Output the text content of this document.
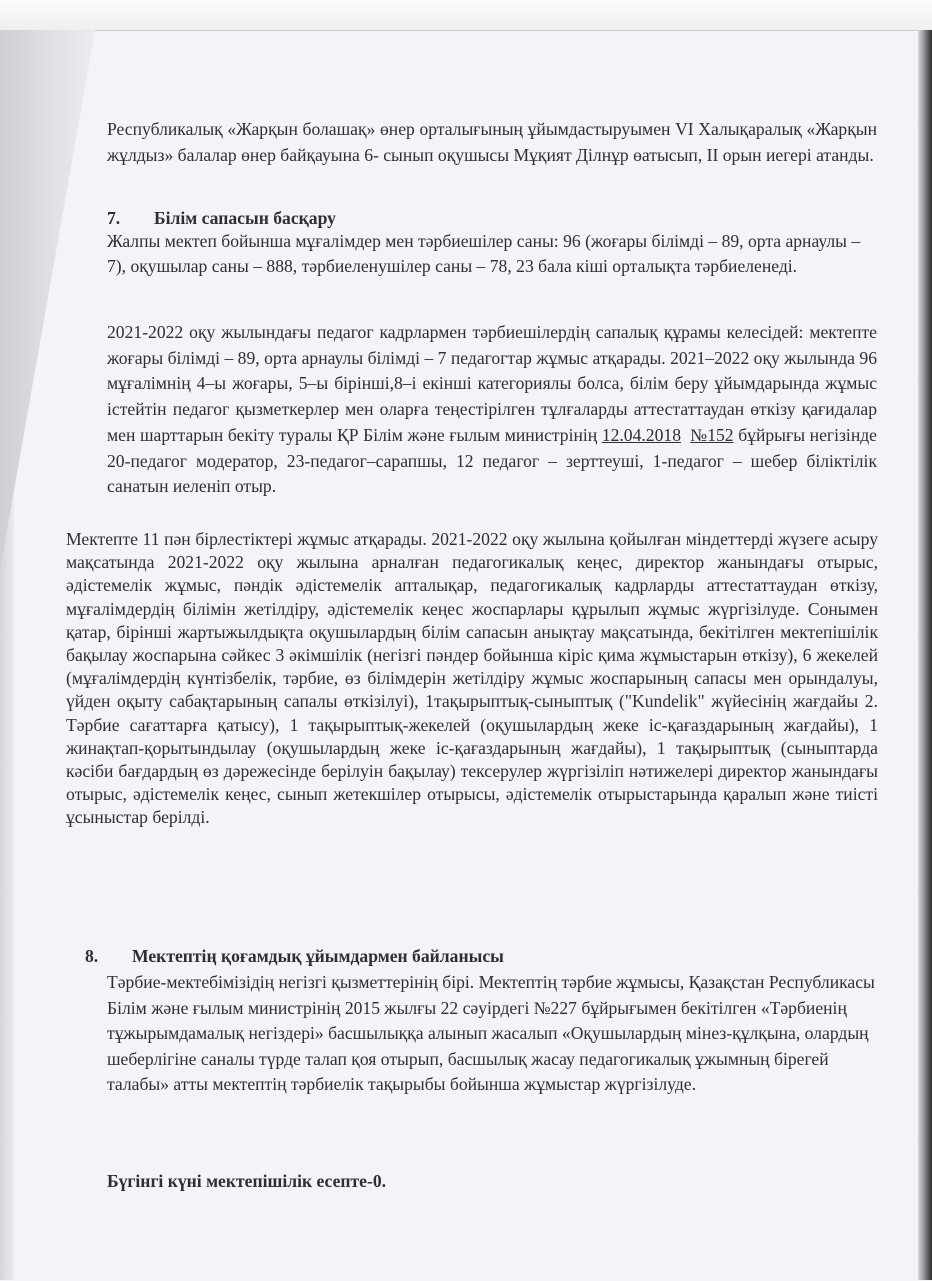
Республикалық «Жарқын болашақ» өнер орталығының ұйымдастыруымен VI Халықаралық «Жарқын жұлдыз» балалар өнер байқауына 6- сынып оқушысы Мұқият Ділнұр өатысып, ІІ орын иегері атанды.

7. Білім сапасын басқару

Жалпы мектеп бойынша мұғалімдер мен тәрбиешілер саны: 96 (жоғары білімді – 89, орта арнаулы – 7), оқушылар саны – 888, тәрбиеленушілер саны – 78, 23 бала кіші орталықта тәрбиеленеді.

2021-2022 оқу жылындағы педагог кадрлармен тәрбиешілердің сапалық құрамы келесідей: мектепте жоғары білімді – 89, орта арнаулы білімді – 7 педагогтар жұмыс атқарады. 2021–2022 оқу жылында 96 мұғалімнің 4–ы жоғары, 5–ы бірінші,8–і екінші категориялы болса, білім беру ұйымдарында жұмыс істейтін педагог қызметкерлер мен оларға теңестірілген тұлғаларды аттестаттаудан өткізу қағидалар мен шарттарын бекіту туралы ҚР Білім және ғылым министрінің 12.04.2018 №152 бұйрығы негізінде 20-педагог модератор, 23-педагог–сарапшы, 12 педагог – зерттеуші, 1-педагог – шебер біліктілік санатын иеленіп отыр.

Мектепте 11 пән бірлестіктері жұмыс атқарады. 2021-2022 оқу жылына қойылған міндеттерді жүзеге асыру мақсатында 2021-2022 оқу жылына арналған педагогикалық кеңес, директор жанындағы отырыс, әдістемелік жұмыс, пәндік әдістемелік апталықар, педагогикалық кадрларды аттестаттаудан өткізу, мұғалімдердің білімін жетілдіру, әдістемелік кеңес жоспарлары құрылып жұмыс жүргізілуде. Сонымен қатар, бірінші жартыжылдықта оқушылардың білім сапасын анықтау мақсатында, бекітілген мектепішілік бақылау жоспарына сәйкес 3 әкімшілік (негізгі пәндер бойынша кіріс қима жұмыстарын өткізу), 6 жекелей (мұғалімдердің күнтізбелік, тәрбие, өз білімдерін жетілдіру жұмыс жоспарының сапасы мен орындалуы, үйден оқыту сабақтарының сапалы өткізілуі), 1тақырыптық-сыныптық ("Kundelik" жүйесінің жағдайы 2. Тәрбие сағаттарға қатысу), 1 тақырыптық-жекелей (оқушылардың жеке іс-қағаздарының жағдайы), 1 жинақтап-қорытындылау (оқушылардың жеке іс-қағаздарының жағдайы), 1 тақырыптық (сыныптарда кәсіби бағдардың өз дәрежесінде берілуін бақылау) тексерулер жүргізіліп нәтижелері директор жанындағы отырыс, әдістемелік кеңес, сынып жетекшілер отырысы, әдістемелік отырыстарында қаралып және тиісті ұсыныстар берілді.

8. Мектептің қоғамдық ұйымдармен байланысы

Тәрбие-мектебімізідің негізгі қызметтерінің бірі. Мектептің тәрбие жұмысы, Қазақстан Республикасы Білім және ғылым министрінің 2015 жылғы 22 сәуірдегі №227 бұйрығымен бекітілген «Тәрбиенің тұжырымдамалық негіздері» басшылыққа алынып жасалып «Оқушылардың мінез-құлқына, олардың шеберлігіне саналы түрде талап қоя отырып, басшылық жасау педагогикалық ұжымның бірегей талабы» атты мектептің тәрбиелік тақырыбы бойынша жұмыстар жүргізілуде.

Бүгінгі күні мектепішілік есепте-0.
